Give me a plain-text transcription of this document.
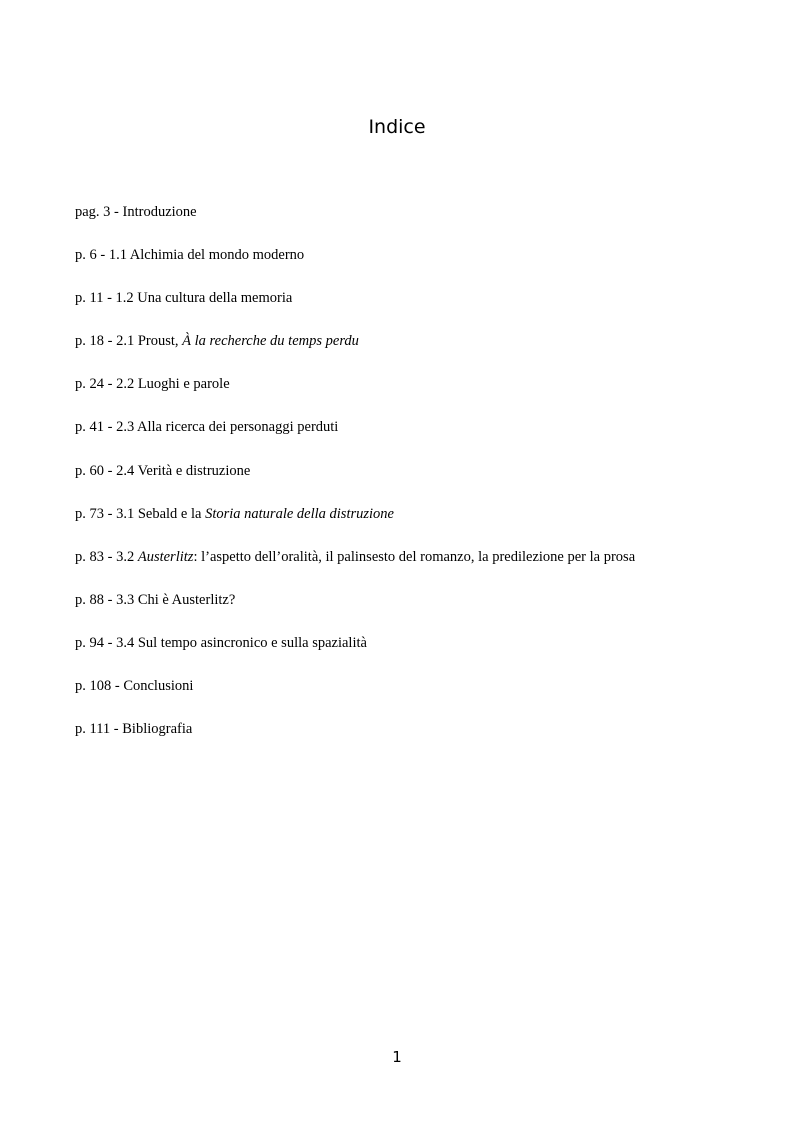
Indice
pag. 3 - Introduzione
p. 6 - 1.1 Alchimia del mondo moderno
p. 11 - 1.2 Una cultura della memoria
p. 18 - 2.1 Proust, À la recherche du temps perdu
p. 24 - 2.2 Luoghi e parole
p. 41 - 2.3 Alla ricerca dei personaggi perduti
p. 60 - 2.4 Verità e distruzione
p. 73 - 3.1 Sebald e la Storia naturale della distruzione
p. 83 - 3.2 Austerlitz: l’aspetto dell’oralità, il palinsesto del romanzo, la predilezione per la prosa
p. 88 - 3.3 Chi è Austerlitz?
p. 94 - 3.4 Sul tempo asincronico e sulla spazialità
p. 108 - Conclusioni
p. 111 - Bibliografia
1
